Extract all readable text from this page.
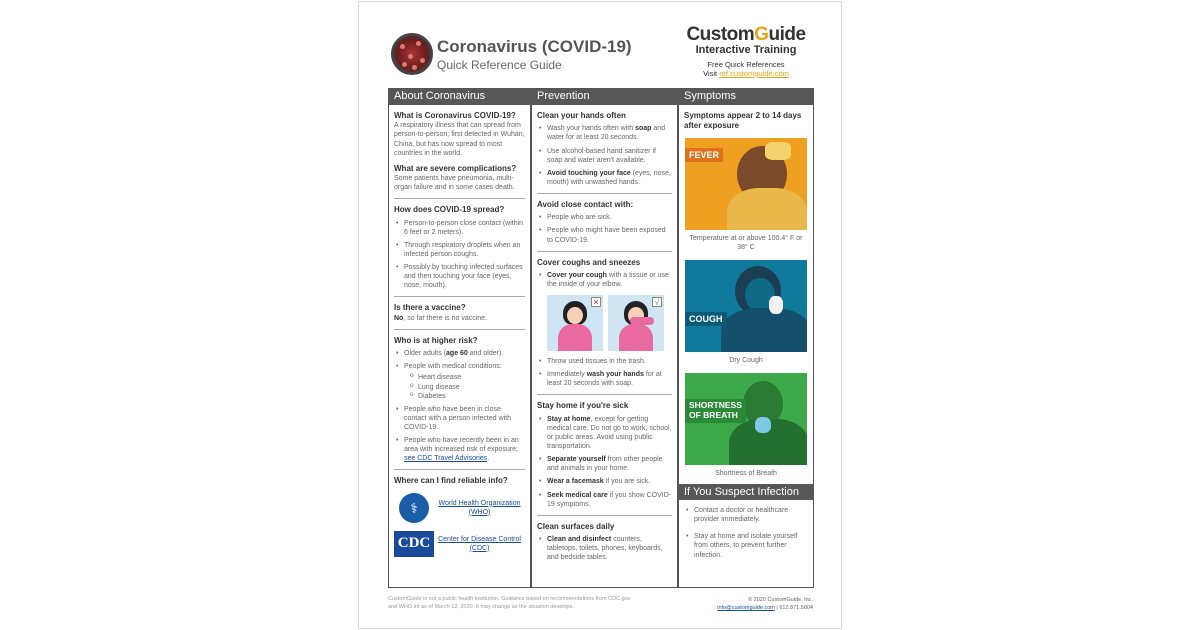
Coronavirus (COVID-19)
Quick Reference Guide
CustomGuide
Interactive Training
Free Quick References
Visit ref.customguide.com
About Coronavirus
What is Coronavirus COVID-19?
A respiratory illness that can spread from person-to-person; first detected in Wuhan, China, but has now spread to most countries in the world.
What are severe complications?
Some patients have pneumonia, multi-organ failure and in some cases death.
How does COVID-19 spread?
• Person-to-person close contact (within 6 feet or 2 meters).
• Through respiratory droplets when an infected person coughs.
• Possibly by touching infected surfaces and then touching your face (eyes, nose, mouth).
Is there a vaccine?
No, so far there is no vaccine.
Who is at higher risk?
• Older adults (age 60 and older).
• People with medical conditions:
o Heart disease
o Lung disease
o Diabetes
• People who have been in close contact with a person infected with COVID-19.
• People who have recently been in an area with increased risk of exposure; see CDC Travel Advisories.
Where can I find reliable info?
⚕	World Health Organization (WHO)
CDC	Center for Disease Control (CDC)
Prevention
Clean your hands often
• Wash your hands often with soap and water for at least 20 seconds.
• Use alcohol-based hand sanitizer if soap and water aren't available.
• Avoid touching your face (eyes, nose, mouth) with unwashed hands.
Avoid close contact with:
• People who are sick.
• People who might have been exposed to COVID-19.
Cover coughs and sneezes
• Cover your cough with a tissue or use the inside of your elbow.
✕	√
• Throw used tissues in the trash.
• Immediately wash your hands for at least 20 seconds with soap.
Stay home if you're sick
• Stay at home, except for getting medical care. Do not go to work, school, or public areas. Avoid using public transportation.
• Separate yourself from other people and animals in your home.
• Wear a facemask if you are sick.
• Seek medical care if you show COVID-19 symptoms.
Clean surfaces daily
• Clean and disinfect counters, tabletops, toilets, phones, keyboards, and bedside tables.
Symptoms
Symptoms appear 2 to 14 days after exposure
FEVER
Temperature at or above 100.4° F or 38° C
COUGH
Dry Cough
SHORTNESS
OF BREATH
Shortness of Breath
If You Suspect Infection
• Contact a doctor or healthcare provider immediately.
• Stay at home and isolate yourself from others, to prevent further infection.
CustomGuide is not a public health institution. Guidance based on recommendations from CDC.gov and WHO.int as of March 12, 2020. It may change as the situation develops.
© 2020 CustomGuide, Inc.
info@customguide.com | 612.871.5004
